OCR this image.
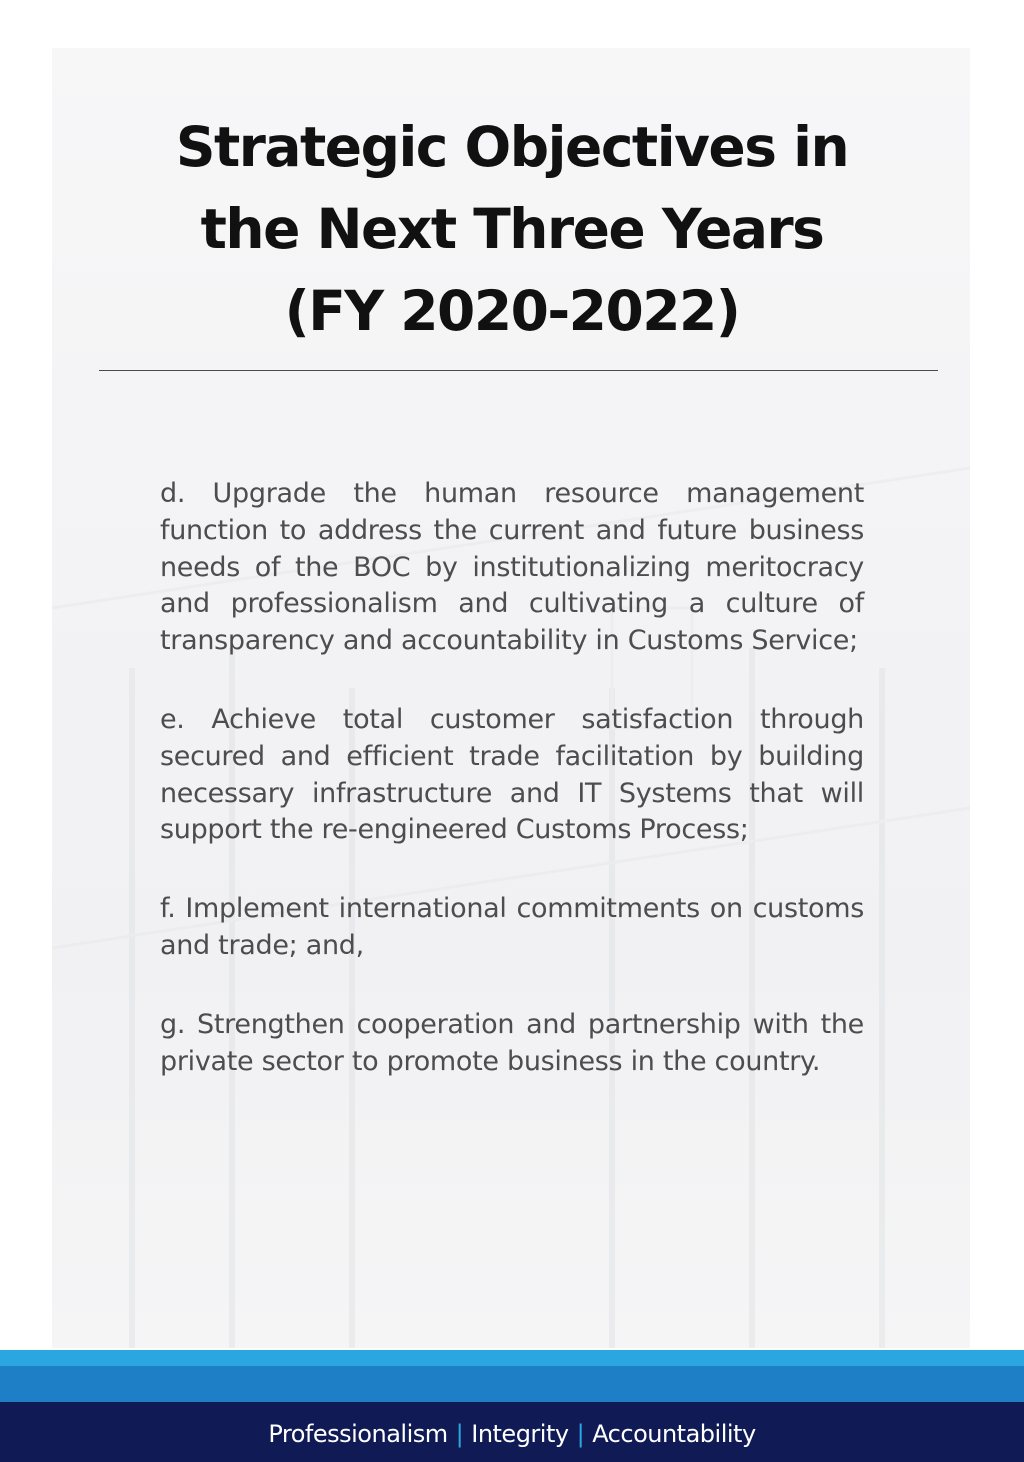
Strategic Objectives in
the Next Three Years
(FY 2020-2022)

d. Upgrade the human resource management function to address the current and future business needs of the BOC by institutionalizing meritocracy and professionalism and cultivating a culture of transparency and accountability in Customs Service;

e. Achieve total customer satisfaction through secured and efficient trade facilitation by building necessary infrastructure and IT Systems that will support the re-engineered Customs Process;

f. Implement international commitments on customs and trade; and,

g. Strengthen cooperation and partnership with the private sector to promote business in the country.

Professionalism | Integrity | Accountability
